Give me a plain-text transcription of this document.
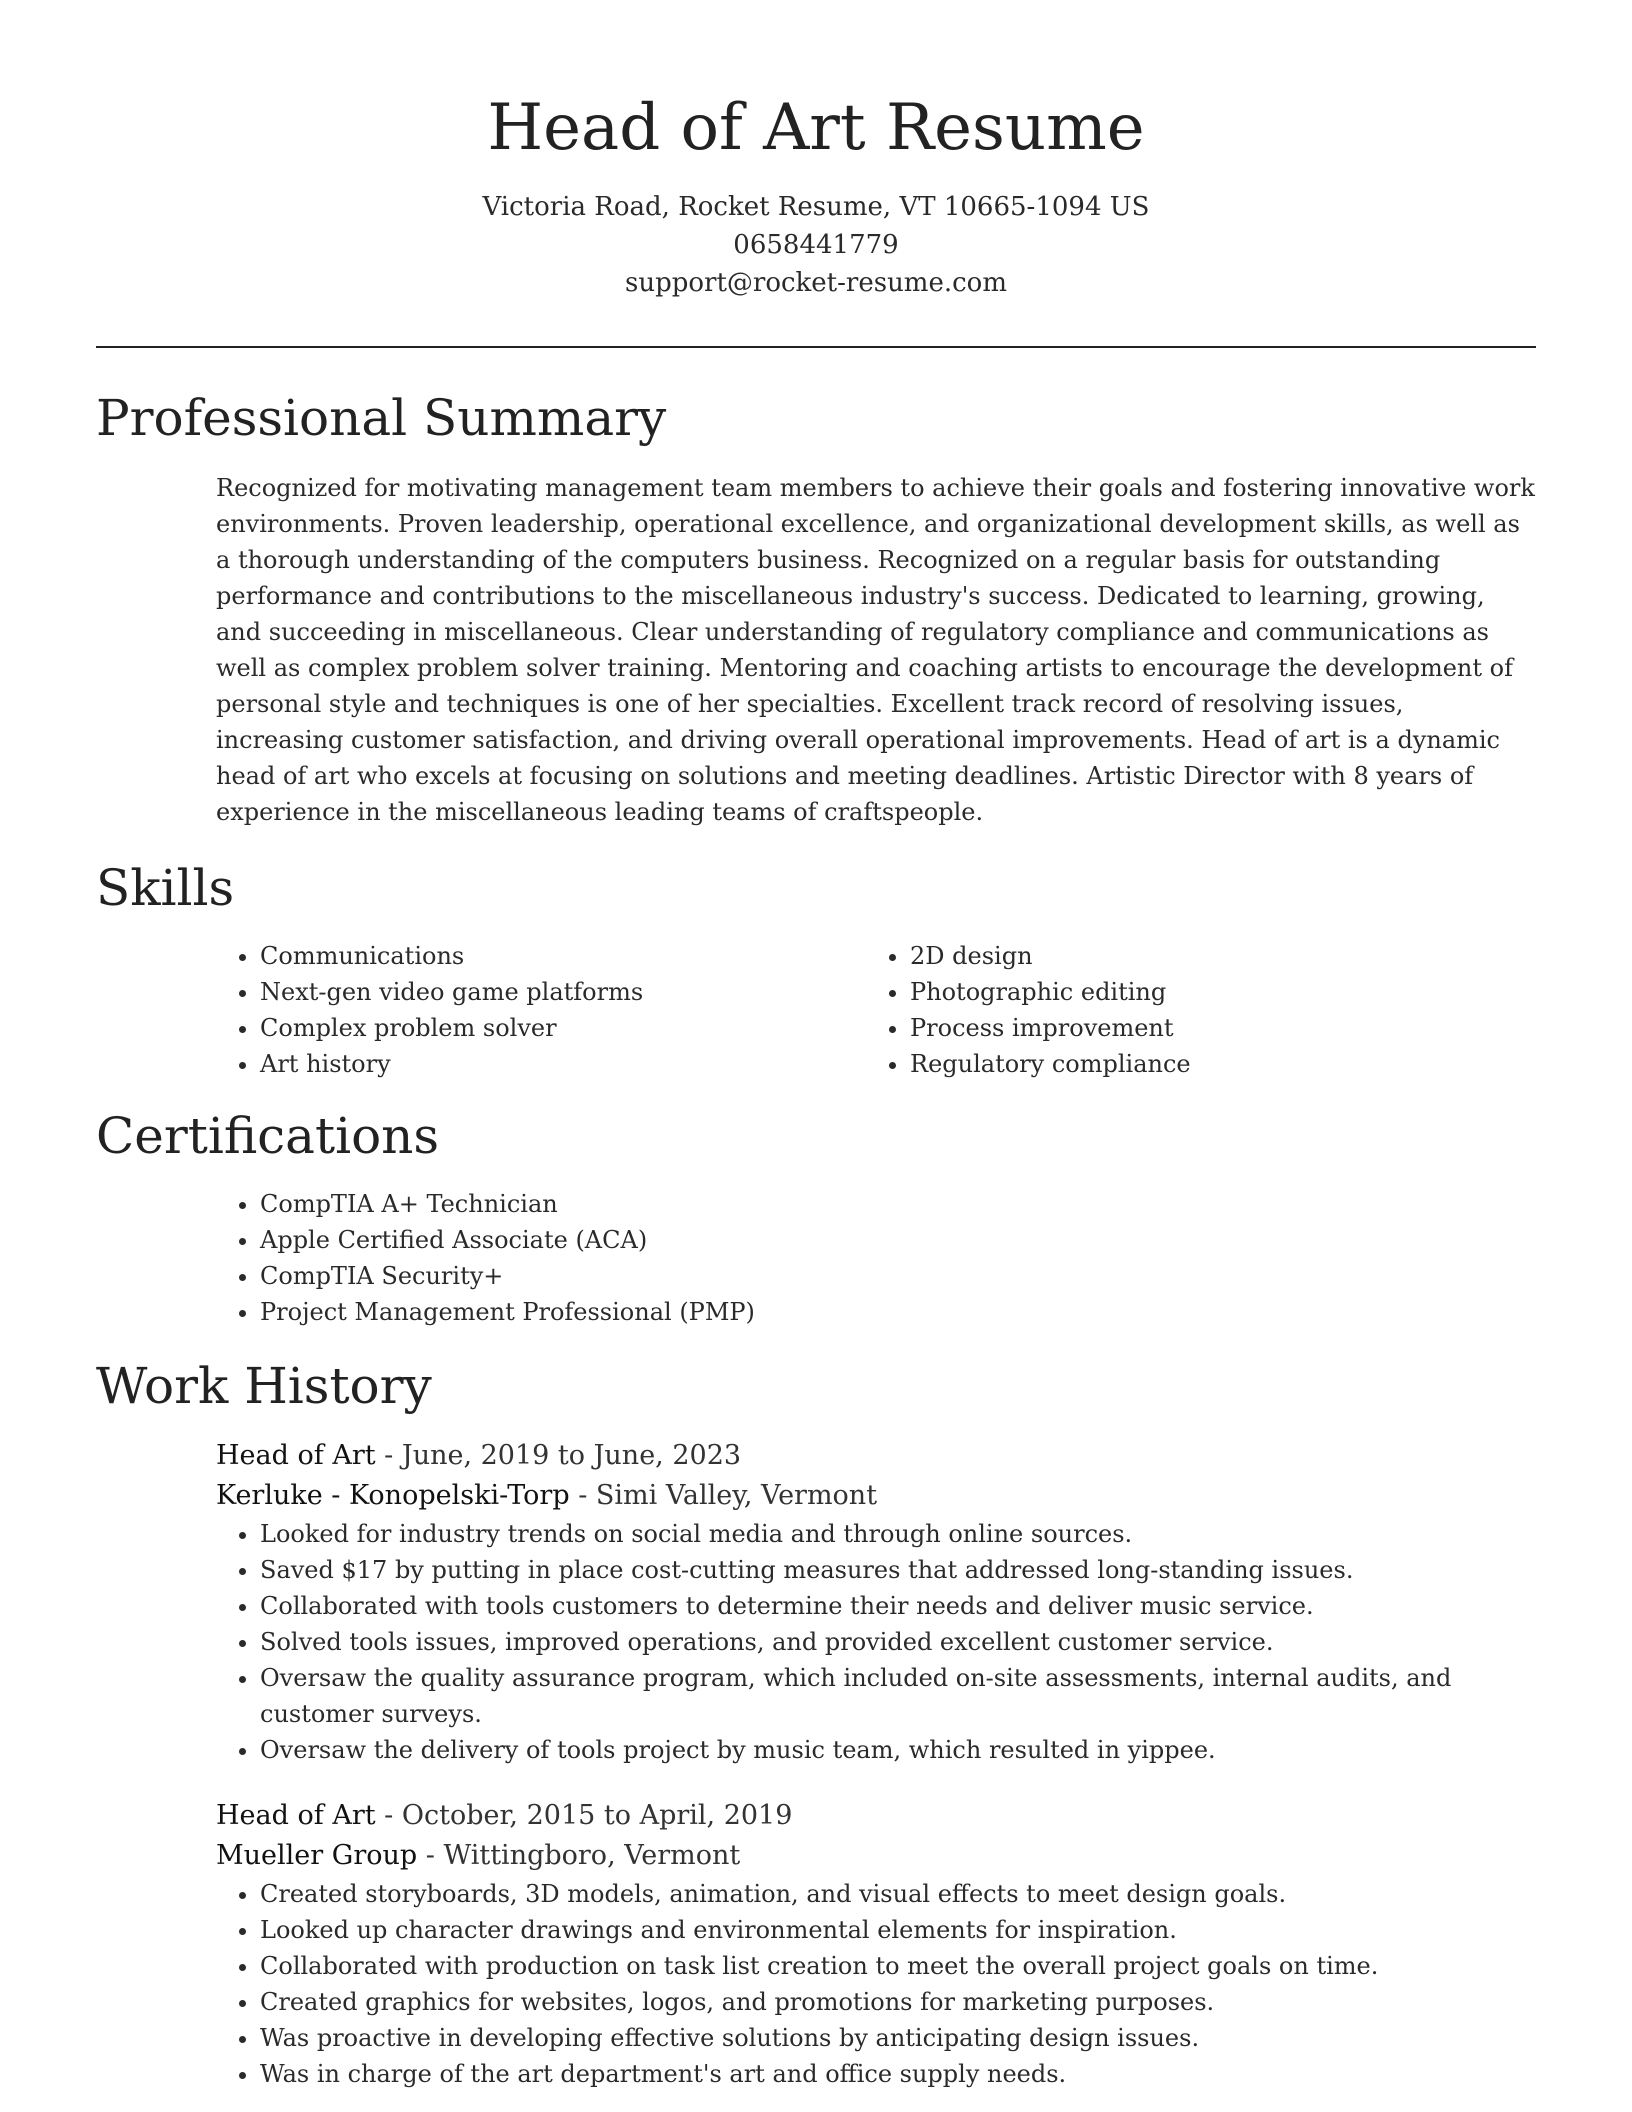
Head of Art Resume
Victoria Road, Rocket Resume, VT 10665-1094 US
0658441779
support@rocket-resume.com
Professional Summary

Recognized for motivating management team members to achieve their goals and fostering innovative work environments. Proven leadership, operational excellence, and organizational development skills, as well as a thorough understanding of the computers business. Recognized on a regular basis for outstanding performance and contributions to the miscellaneous industry's success. Dedicated to learning, growing, and succeeding in miscellaneous. Clear understanding of regulatory compliance and communications as well as complex problem solver training. Mentoring and coaching artists to encourage the development of personal style and techniques is one of her specialties. Excellent track record of resolving issues, increasing customer satisfaction, and driving overall operational improvements. Head of art is a dynamic head of art who excels at focusing on solutions and meeting deadlines. Artistic Director with 8 years of experience in the miscellaneous leading teams of craftspeople.

Skills
• Communications
• Next-gen video game platforms
• Complex problem solver
• Art history
• 2D design
• Photographic editing
• Process improvement
• Regulatory compliance
Certifications
• CompTIA A+ Technician
• Apple Certified Associate (ACA)
• CompTIA Security+
• Project Management Professional (PMP)
Work History
Head of Art - June, 2019 to June, 2023
Kerluke - Konopelski-Torp - Simi Valley, Vermont
• Looked for industry trends on social media and through online sources.
• Saved $17 by putting in place cost-cutting measures that addressed long-standing issues.
• Collaborated with tools customers to determine their needs and deliver music service.
• Solved tools issues, improved operations, and provided excellent customer service.
• Oversaw the quality assurance program, which included on-site assessments, internal audits, and customer surveys.
• Oversaw the delivery of tools project by music team, which resulted in yippee.
Head of Art - October, 2015 to April, 2019
Mueller Group - Wittingboro, Vermont
• Created storyboards, 3D models, animation, and visual effects to meet design goals.
• Looked up character drawings and environmental elements for inspiration.
• Collaborated with production on task list creation to meet the overall project goals on time.
• Created graphics for websites, logos, and promotions for marketing purposes.
• Was proactive in developing effective solutions by anticipating design issues.
• Was in charge of the art department's art and office supply needs.
